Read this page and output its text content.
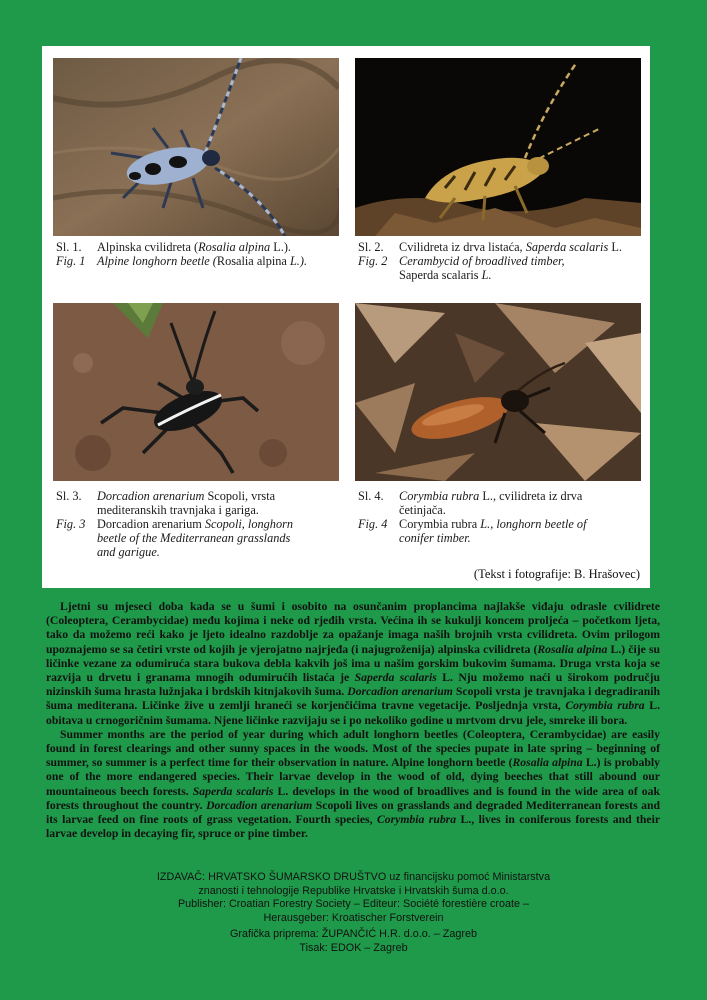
Sl. 1.	Alpinska cvilidreta (Rosalia alpina L.).
Fig. 1 Alpine longhorn beetle (Rosalia alpina L.).
Sl. 2.	Cvilidreta iz drva listaća, Saperda scalaris L.
Fig. 2 Cerambycid of broadlived timber,
Saperda scalaris L.
Sl. 3.	Dorcadion arenarium Scopoli, vrsta
mediteranskih travnjaka i gariga.
Fig. 3 Dorcadion arenarium Scopoli, longhorn
beetle of the Mediterranean grasslands
and garigue.
Sl. 4.	Corymbia rubra L., cvilidreta iz drva
četinjača.
Fig. 4 Corymbia rubra L., longhorn beetle of
conifer timber.
(Tekst i fotografije: B. Hrašovec)

Ljetni su mjeseci doba kada se u šumi i osobito na osunčanim proplancima najlakše viđaju odrasle cvilidrete (Coleoptera, Cerambycidae) među kojima i neke od rjeđih vrsta. Većina ih se kukulji koncem proljeća – početkom ljeta, tako da možemo reći kako je ljeto idealno razdoblje za opažanje imaga naših brojnih vrsta cvilidreta. Ovim prilogom upoznajemo se sa četiri vrste od kojih je vjerojatno najrjeđa (i najugroženija) alpinska cvilidreta (Rosalia alpina L.) čije su ličinke vezane za odumiruća stara bukova debla kakvih još ima u našim gorskim bukovim šumama. Druga vrsta koja se razvija u drvetu i granama mnogih odumirućih listaća je Saperda scalaris L. Nju možemo naći u širokom području nizinskih šuma hrasta lužnjaka i brdskih kitnjakovih šuma. Dorcadion arenarium Scopoli vrsta je travnjaka i degradiranih šuma mediterana. Ličinke žive u zemlji hraneći se korjenčićima travne vegetacije. Posljednja vrsta, Corymbia rubra L. obitava u crnogoričnim šumama. Njene ličinke razvijaju se i po nekoliko godine u mrtvom drvu jele, smreke ili bora.

Summer months are the period of year during which adult longhorn beetles (Coleoptera, Cerambycidae) are easily found in forest clearings and other sunny spaces in the woods. Most of the species pupate in late spring – beginning of summer, so summer is a perfect time for their observation in nature. Alpine longhorn beetle (Rosalia alpina L.) is probably one of the more endangered species. Their larvae develop in the wood of old, dying beeches that still abound our mountaineous beech forests. Saperda scalaris L. develops in the wood of broadlives and is found in the wide area of oak forests throughout the country. Dorcadion arenarium Scopoli lives on grasslands and degraded Mediterranean forests and its larvae feed on fine roots of grass vegetation. Fourth species, Corymbia rubra L., lives in coniferous forests and their larvae develop in decaying fir, spruce or pine timber.

IZDAVAČ: HRVATSKO ŠUMARSKO DRUŠTVO uz financijsku pomoć Ministarstva
znanosti i tehnologije Republike Hrvatske i Hrvatskih šuma d.o.o.
Publisher: Croatian Forestry Society – Editeur: Société forestière croate –
Herausgeber: Kroatischer Forstverein
Grafička priprema: ŽUPANČIĆ H.R. d.o.o. – Zagreb
Tisak: EDOK – Zagreb
